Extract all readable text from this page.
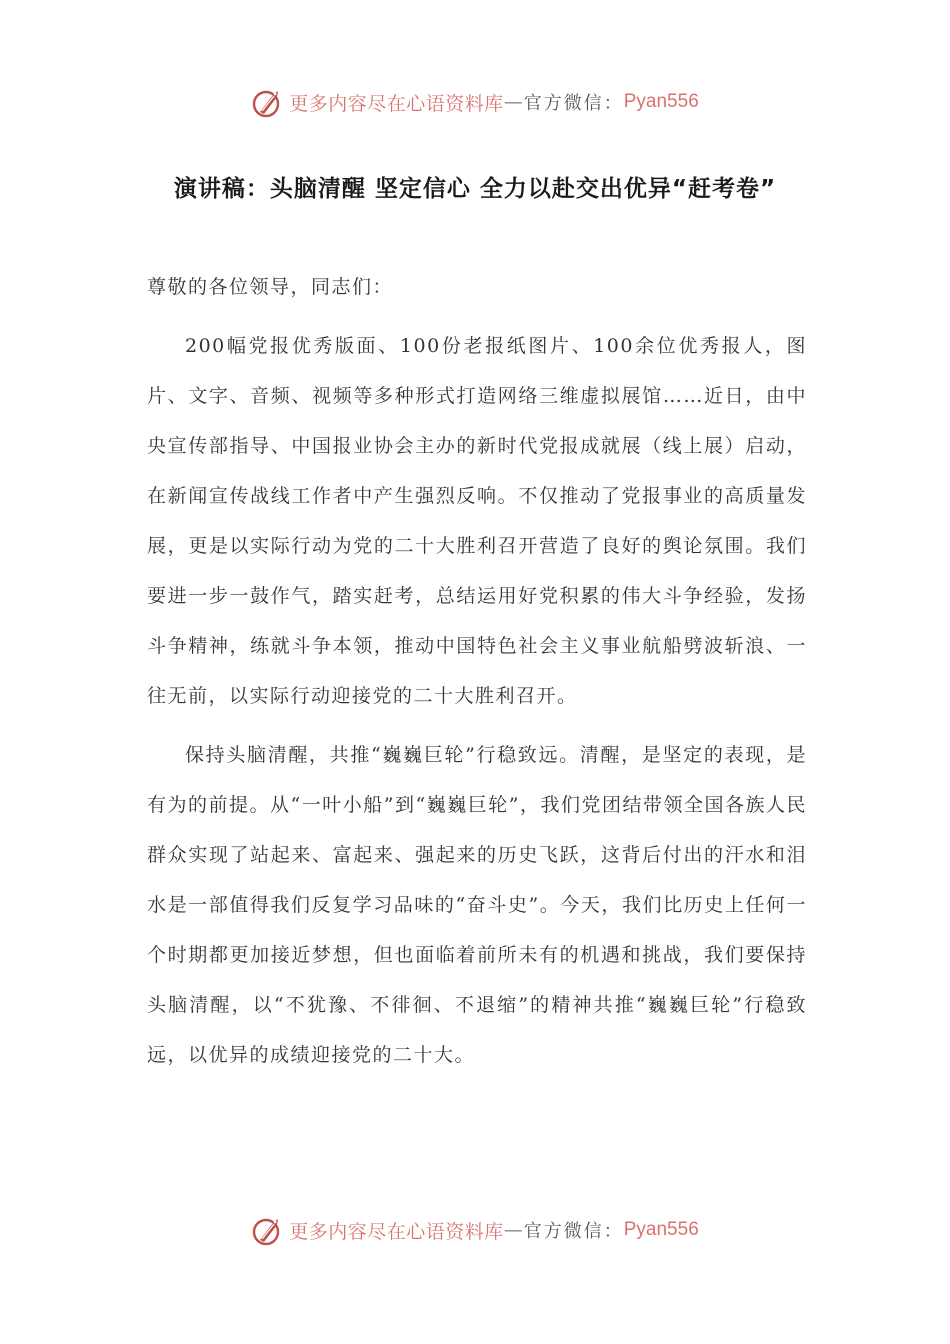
更多内容尽在心语资料库 — 官方微信： Pyan556
演讲稿：头脑清醒 坚定信心 全力以赴交出优异“赶考卷”

尊敬的各位领导，同志们：

200幅党报优秀版面、100份老报纸图片、100余位优秀报人，图片、文字、音频、视频等多种形式打造网络三维虚拟展馆……近日，由中央宣传部指导、中国报业协会主办的新时代党报成就展（线上展）启动，在新闻宣传战线工作者中产生强烈反响。不仅推动了党报事业的高质量发展，更是以实际行动为党的二十大胜利召开营造了良好的舆论氛围。我们要进一步一鼓作气，踏实赶考，总结运用好党积累的伟大斗争经验，发扬斗争精神，练就斗争本领，推动中国特色社会主义事业航船劈波斩浪、一往无前，以实际行动迎接党的二十大胜利召开。

保持头脑清醒，共推“巍巍巨轮”行稳致远。清醒，是坚定的表现，是有为的前提。从“一叶小船”到“巍巍巨轮”，我们党团结带领全国各族人民群众实现了站起来、富起来、强起来的历史飞跃，这背后付出的汗水和泪水是一部值得我们反复学习品味的“奋斗史”。今天，我们比历史上任何一个时期都更加接近梦想，但也面临着前所未有的机遇和挑战，我们要保持头脑清醒，以“不犹豫、不徘徊、不退缩”的精神共推“巍巍巨轮”行稳致远，以优异的成绩迎接党的二十大。

更多内容尽在心语资料库 — 官方微信： Pyan556
